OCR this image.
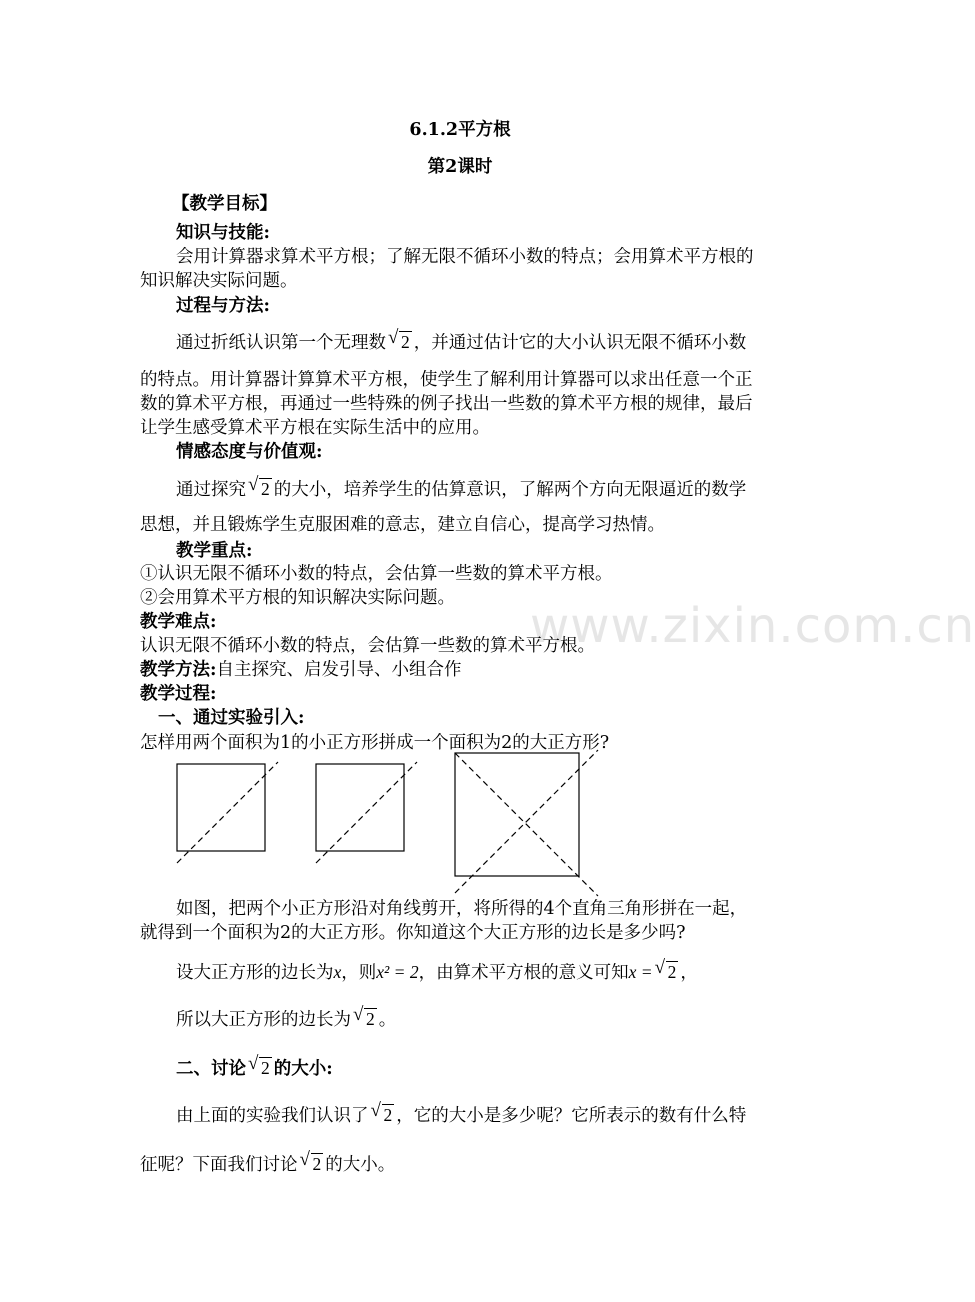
www.zixin.com.cn
6.1.2平方根
第2课时
【教学目标】
知识与技能:
会用计算器求算术平方根；了解无限不循环小数的特点；会用算术平方根的
知识解决实际问题。
过程与方法:
通过折纸认识第一个无理数 √ 2 ，并通过估计它的大小认识无限不循环小数
的特点。用计算器计算算术平方根，使学生了解利用计算器可以求出任意一个正
数的算术平方根，再通过一些特殊的例子找出一些数的算术平方根的规律，最后
让学生感受算术平方根在实际生活中的应用。
情感态度与价值观:
通过探究 √ 2 的大小，培养学生的估算意识，了解两个方向无限逼近的数学
思想，并且锻炼学生克服困难的意志，建立自信心，提高学习热情。
教学重点:
①认识无限不循环小数的特点，会估算一些数的算术平方根。
②会用算术平方根的知识解决实际问题。
教学难点:
认识无限不循环小数的特点，会估算一些数的算术平方根。
教学方法:自主探究、启发引导、小组合作
教学过程:
一、通过实验引入:
怎样用两个面积为1的小正方形拼成一个面积为2的大正方形?
如图，把两个小正方形沿对角线剪开，将所得的4个直角三角形拼在一起，
就得到一个面积为2的大正方形。你知道这个大正方形的边长是多少吗?
设大正方形的边长为x，则x² = 2，由算术平方根的意义可知x = √ 2 ，
所以大正方形的边长为 √ 2 。
二、讨论 √ 2 的大小:
由上面的实验我们认识了 √ 2 ，它的大小是多少呢？它所表示的数有什么特
征呢？下面我们讨论 √ 2 的大小。
